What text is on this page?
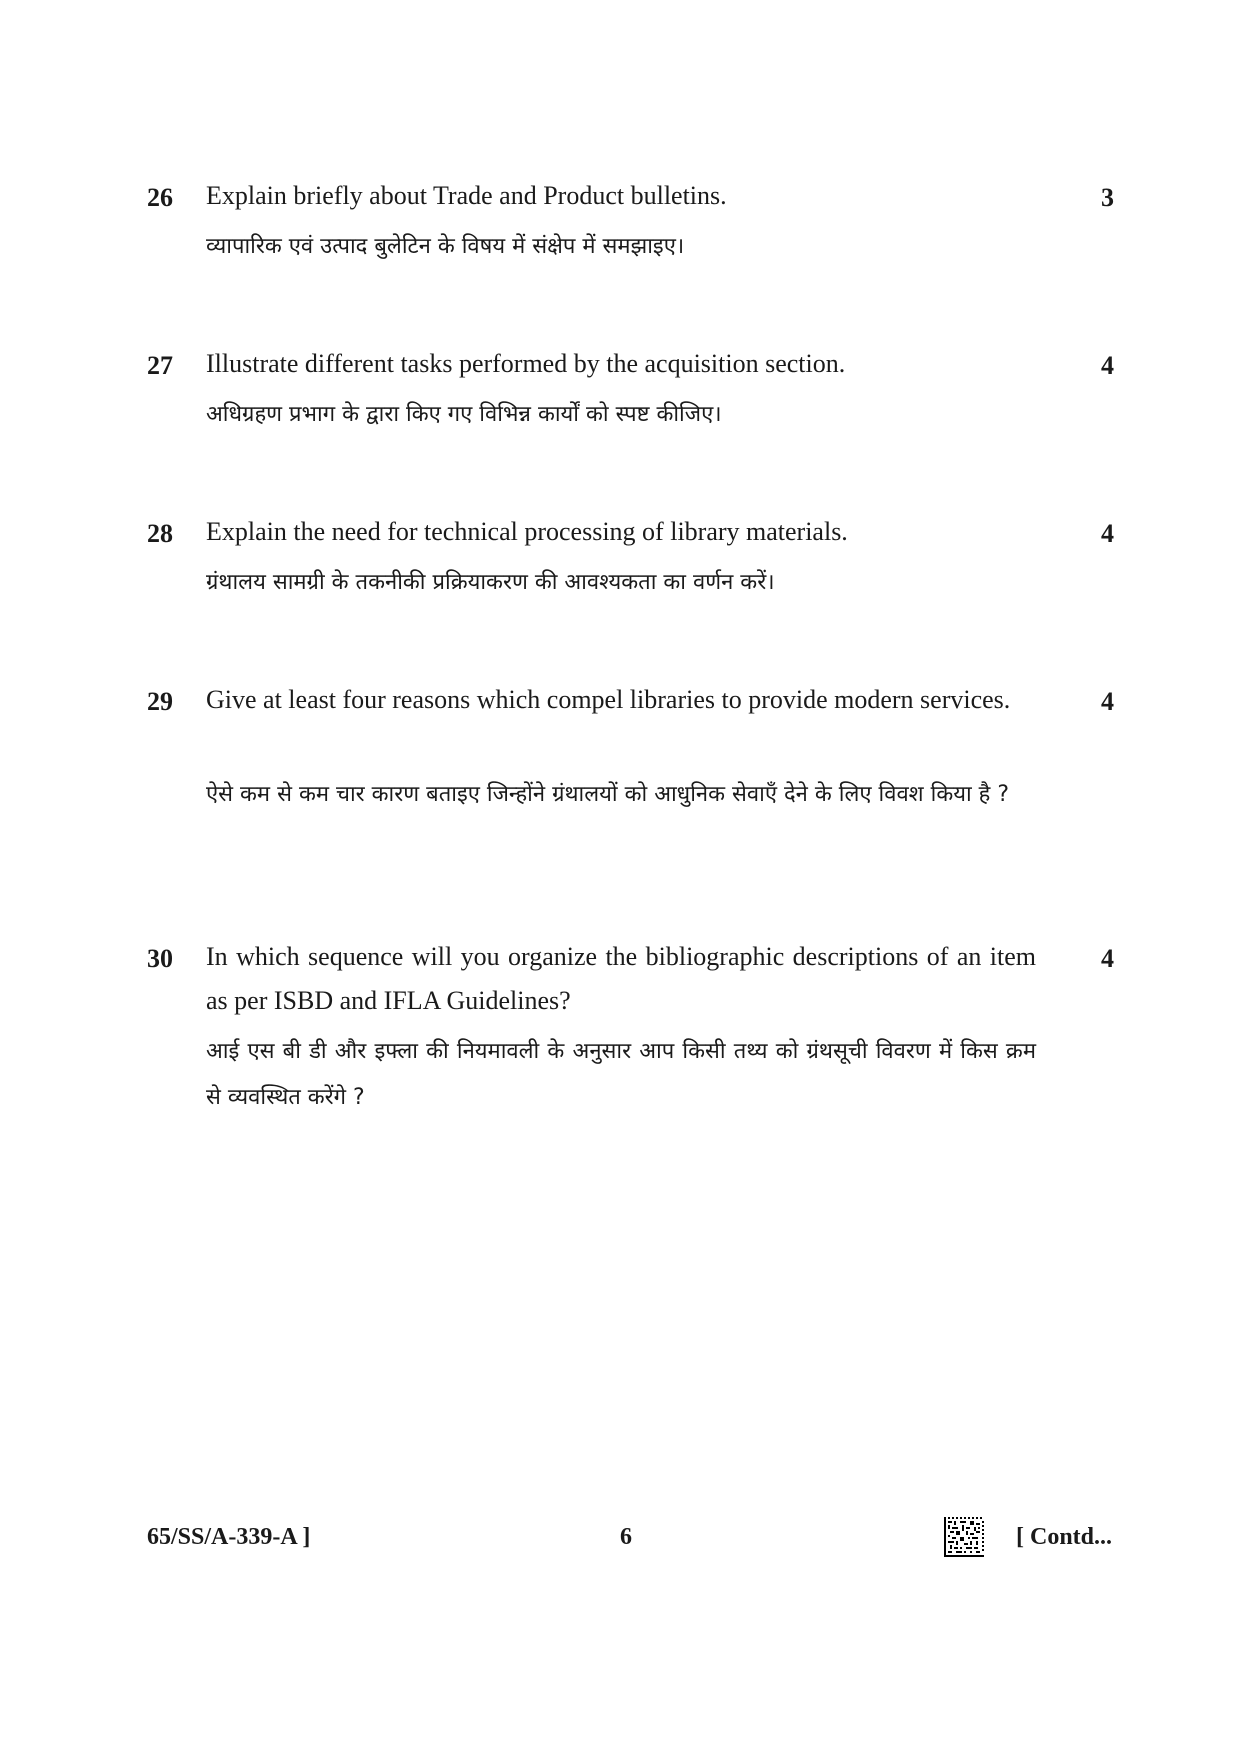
26 Explain briefly about Trade and Product bulletins.	3
व्यापारिक एवं उत्पाद बुलेटिन के विषय में संक्षेप में समझाइए।
27 Illustrate different tasks performed by the acquisition section.	4
अधिग्रहण प्रभाग के द्वारा किए गए विभिन्न कार्यों को स्पष्ट कीजिए।
28 Explain the need for technical processing of library materials.	4
ग्रंथालय सामग्री के तकनीकी प्रक्रियाकरण की आवश्यकता का वर्णन करें।
29 Give at least four reasons which compel libraries to provide modern services.	4
ऐसे कम से कम चार कारण बताइए जिन्होंने ग्रंथालयों को आधुनिक सेवाएँ देने के लिए विवश किया है ?
30 In which sequence will you organize the bibliographic descriptions of an item as per ISBD and IFLA Guidelines?
4
आई एस बी डी और इफ्ला की नियमावली के अनुसार आप किसी तथ्य को ग्रंथसूची विवरण में किस क्रम से व्यवस्थित करेंगे ?
65/SS/A-339-A ]	6	[ Contd...
